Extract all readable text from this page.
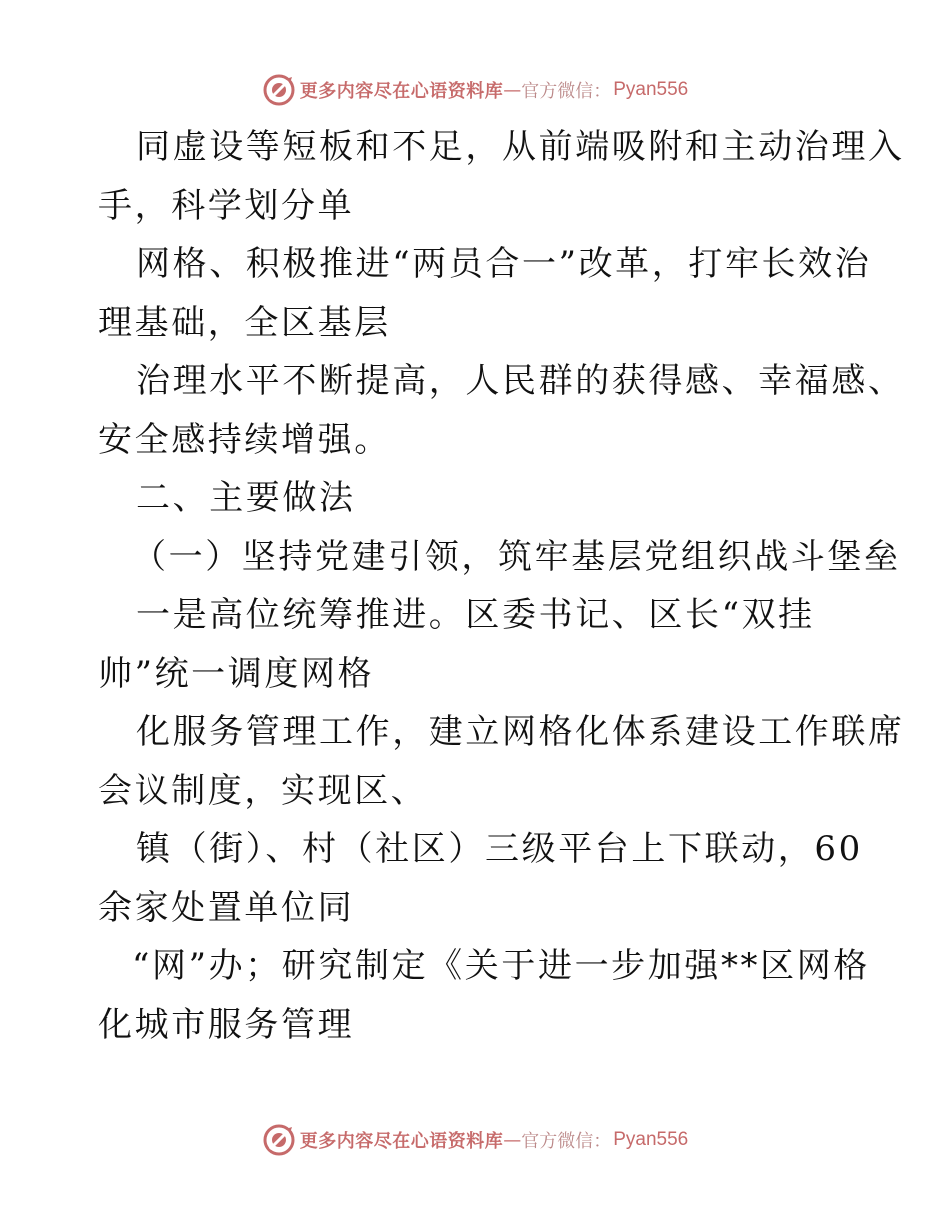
更多内容尽在心语资料库 — 官方微信： Pyan556
同虚设等短板和不足，从前端吸附和主动治理入
手，科学划分单
网格、积极推进“两员合一”改革，打牢长效治
理基础，全区基层
治理水平不断提高，人民群的获得感、幸福感、
安全感持续增强。
二、主要做法
（一）坚持党建引领，筑牢基层党组织战斗堡垒
一是高位统筹推进。区委书记、区长“双挂
帅”统一调度网格
化服务管理工作，建立网格化体系建设工作联席
会议制度，实现区、
镇（街）、村（社区）三级平台上下联动，60
余家处置单位同
“网”办；研究制定《关于进一步加强**区网格
化城市服务管理
更多内容尽在心语资料库 — 官方微信： Pyan556
